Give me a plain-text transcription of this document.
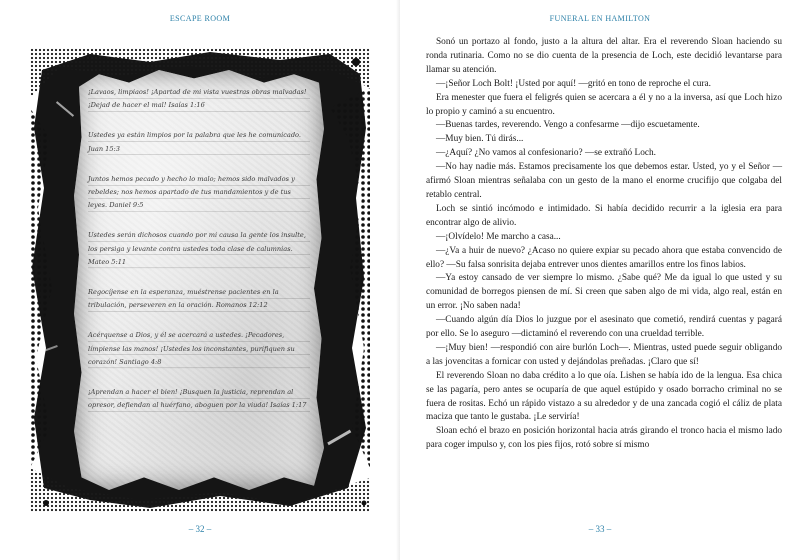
ESCAPE ROOM
¡Lavaos, limpiaos! ¡Apartad de mi vista vuestras obras malvadas! ¡Dejad de hacer el mal! Isaías 1:16
Ustedes ya están limpios por la palabra que les he comunicado. Juan 15:3
Juntos hemos pecado y hecho lo malo; hemos sido malvados y rebeldes; nos hemos apartado de tus mandamientos y de tus leyes. Daniel 9:5
Ustedes serán dichosos cuando por mi causa la gente los insulte, los persiga y levante contra ustedes toda clase de calumnias. Mateo 5:11
Regocíjense en la esperanza, muéstrense pacientes en la tribulación, perseveren en la oración. Romanos 12:12
Acérquense a Dios, y él se acercará a ustedes. ¡Pecadores, límpiense las manos! ¡Ustedes los inconstantes, purifiquen su corazón! Santiago 4:8
¡Aprendan a hacer el bien! ¡Busquen la justicia, reprendan al opresor, defiendan al huérfano, aboguen por la viuda! Isaías 1:17
– 32 –
FUNERAL EN HAMILTON

Sonó un portazo al fondo, justo a la altura del altar. Era el reverendo Sloan haciendo su ronda rutinaria. Como no se dio cuenta de la presencia de Loch, este decidió levantarse para llamar su atención.

—¡Señor Loch Bolt! ¡Usted por aquí! —gritó en tono de reproche el cura.

Era menester que fuera el feligrés quien se acercara a él y no a la inversa, así que Loch hizo lo propio y caminó a su encuentro.

—Buenas tardes, reverendo. Vengo a confesarme —dijo escuetamente.

—Muy bien. Tú dirás...

—¿Aquí? ¿No vamos al confesionario? —se extrañó Loch.

—No hay nadie más. Estamos precisamente los que debemos estar. Usted, yo y el Señor —afirmó Sloan mientras señalaba con un gesto de la mano el enorme crucifijo que colgaba del retablo central.

Loch se sintió incómodo e intimidado. Si había decidido recurrir a la iglesia era para encontrar algo de alivio.

—¡Olvídelo! Me marcho a casa...

—¿Va a huir de nuevo? ¿Acaso no quiere expiar su pecado ahora que estaba convencido de ello? —Su falsa sonrisita dejaba entrever unos dientes amarillos entre los finos labios.

—Ya estoy cansado de ver siempre lo mismo. ¿Sabe qué? Me da igual lo que usted y su comunidad de borregos piensen de mí. Si creen que saben algo de mi vida, algo real, están en un error. ¡No saben nada!

—Cuando algún día Dios lo juzgue por el asesinato que cometió, rendirá cuentas y pagará por ello. Se lo aseguro —dictaminó el reverendo con una crueldad terrible.

—¡Muy bien! —respondió con aire burlón Loch—. Mientras, usted puede seguir obligando a las jovencitas a fornicar con usted y dejándolas preñadas. ¡Claro que sí!

El reverendo Sloan no daba crédito a lo que oía. Lishen se había ido de la lengua. Esa chica se las pagaría, pero antes se ocuparía de que aquel estúpido y osado borracho criminal no se fuera de rositas. Echó un rápido vistazo a su alrededor y de una zancada cogió el cáliz de plata maciza que tanto le gustaba. ¡Le serviría!

Sloan echó el brazo en posición horizontal hacia atrás girando el tronco hacia el mismo lado para coger impulso y, con los pies fijos, rotó sobre sí mismo

– 33 –
